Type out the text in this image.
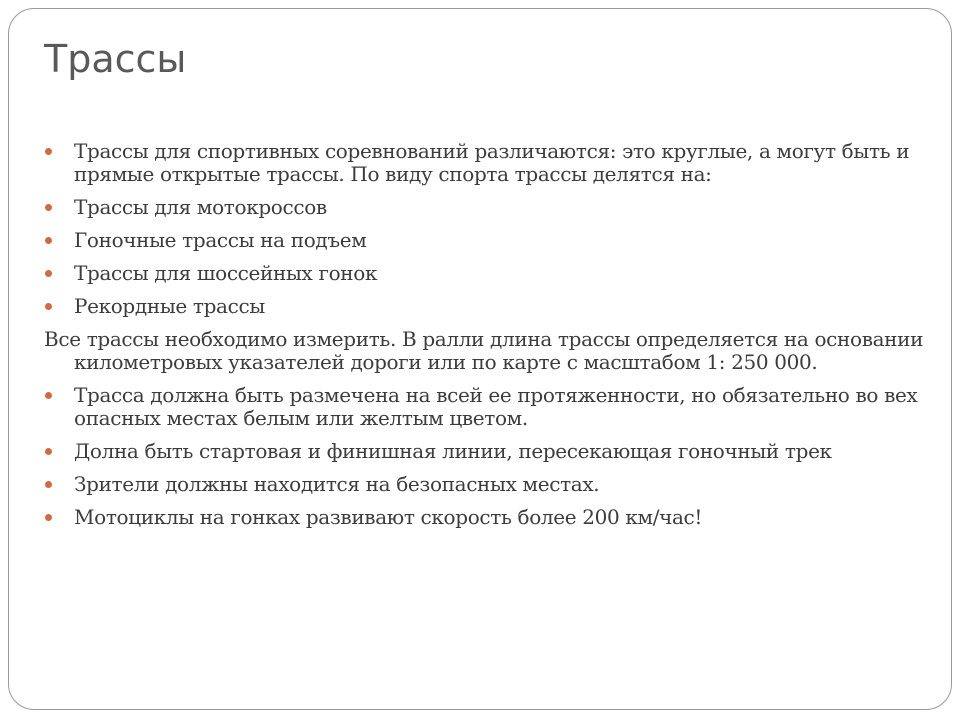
Трассы
Трассы для спортивных соревнований различаются: это круглые, а могут быть и прямые открытые трассы. По виду спорта трассы делятся на:
Трассы для мотокроссов
Гоночные трассы на подъем
Трассы для шоссейных гонок
Рекордные трассы
Все трассы необходимо измерить. В ралли длина трассы определяется на основании километровых указателей дороги или по карте с масштабом 1: 250 000.
Трасса должна быть размечена на всей ее протяженности, но обязательно во вех опасных местах белым или желтым цветом.
Долна быть стартовая и финишная линии, пересекающая гоночный трек
Зрители должны находится на безопасных местах.
Мотоциклы на гонках развивают скорость более 200 км/час!
